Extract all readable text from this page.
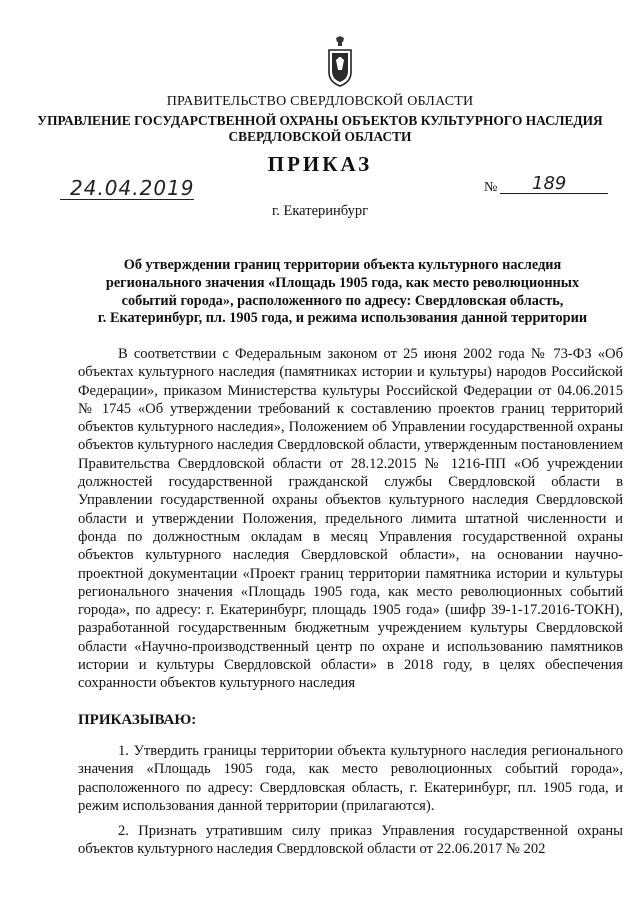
ПРАВИТЕЛЬСТВО СВЕРДЛОВСКОЙ ОБЛАСТИ
УПРАВЛЕНИЕ ГОСУДАРСТВЕННОЙ ОХРАНЫ ОБЪЕКТОВ КУЛЬТУРНОГО НАСЛЕДИЯ
СВЕРДЛОВСКОЙ ОБЛАСТИ
ПРИКАЗ
24.04.2019	№ 189
г. Екатеринбург
Об утверждении границ территории объекта культурного наследия
регионального значения «Площадь 1905 года, как место революционных
событий города», расположенного по адресу: Свердловская область,
г. Екатеринбург, пл. 1905 года, и режима использования данной территории
В соответствии с Федеральным законом от 25 июня 2002 года № 73-ФЗ «Об объектах культурного наследия (памятниках истории и культуры) народов Российской Федерации», приказом Министерства культуры Российской Федерации от 04.06.2015 № 1745 «Об утверждении требований к составлению проектов границ территорий объектов культурного наследия», Положением об Управлении государственной охраны объектов культурного наследия Свердловской области, утвержденным постановлением Правительства Свердловской области от 28.12.2015 № 1216-ПП «Об учреждении должностей государственной гражданской службы Свердловской области в Управлении государственной охраны объектов культурного наследия Свердловской области и утверждении Положения, предельного лимита штатной численности и фонда по должностным окладам в месяц Управления государственной охраны объектов культурного наследия Свердловской области», на основании научно-проектной документации «Проект границ территории памятника истории и культуры регионального значения «Площадь 1905 года, как место революционных событий города», по адресу: г. Екатеринбург, площадь 1905 года» (шифр 39-1-17.2016-ТОКН), разработанной государственным бюджетным учреждением культуры Свердловской области «Научно-производственный центр по охране и использованию памятников истории и культуры Свердловской области» в 2018 году, в целях обеспечения сохранности объектов культурного наследия
ПРИКАЗЫВАЮ:
1. Утвердить границы территории объекта культурного наследия регионального значения «Площадь 1905 года, как место революционных событий города», расположенного по адресу: Свердловская область, г. Екатеринбург, пл. 1905 года, и режим использования данной территории (прилагаются).
2. Признать утратившим силу приказ Управления государственной охраны объектов культурного наследия Свердловской области от 22.06.2017 № 202
